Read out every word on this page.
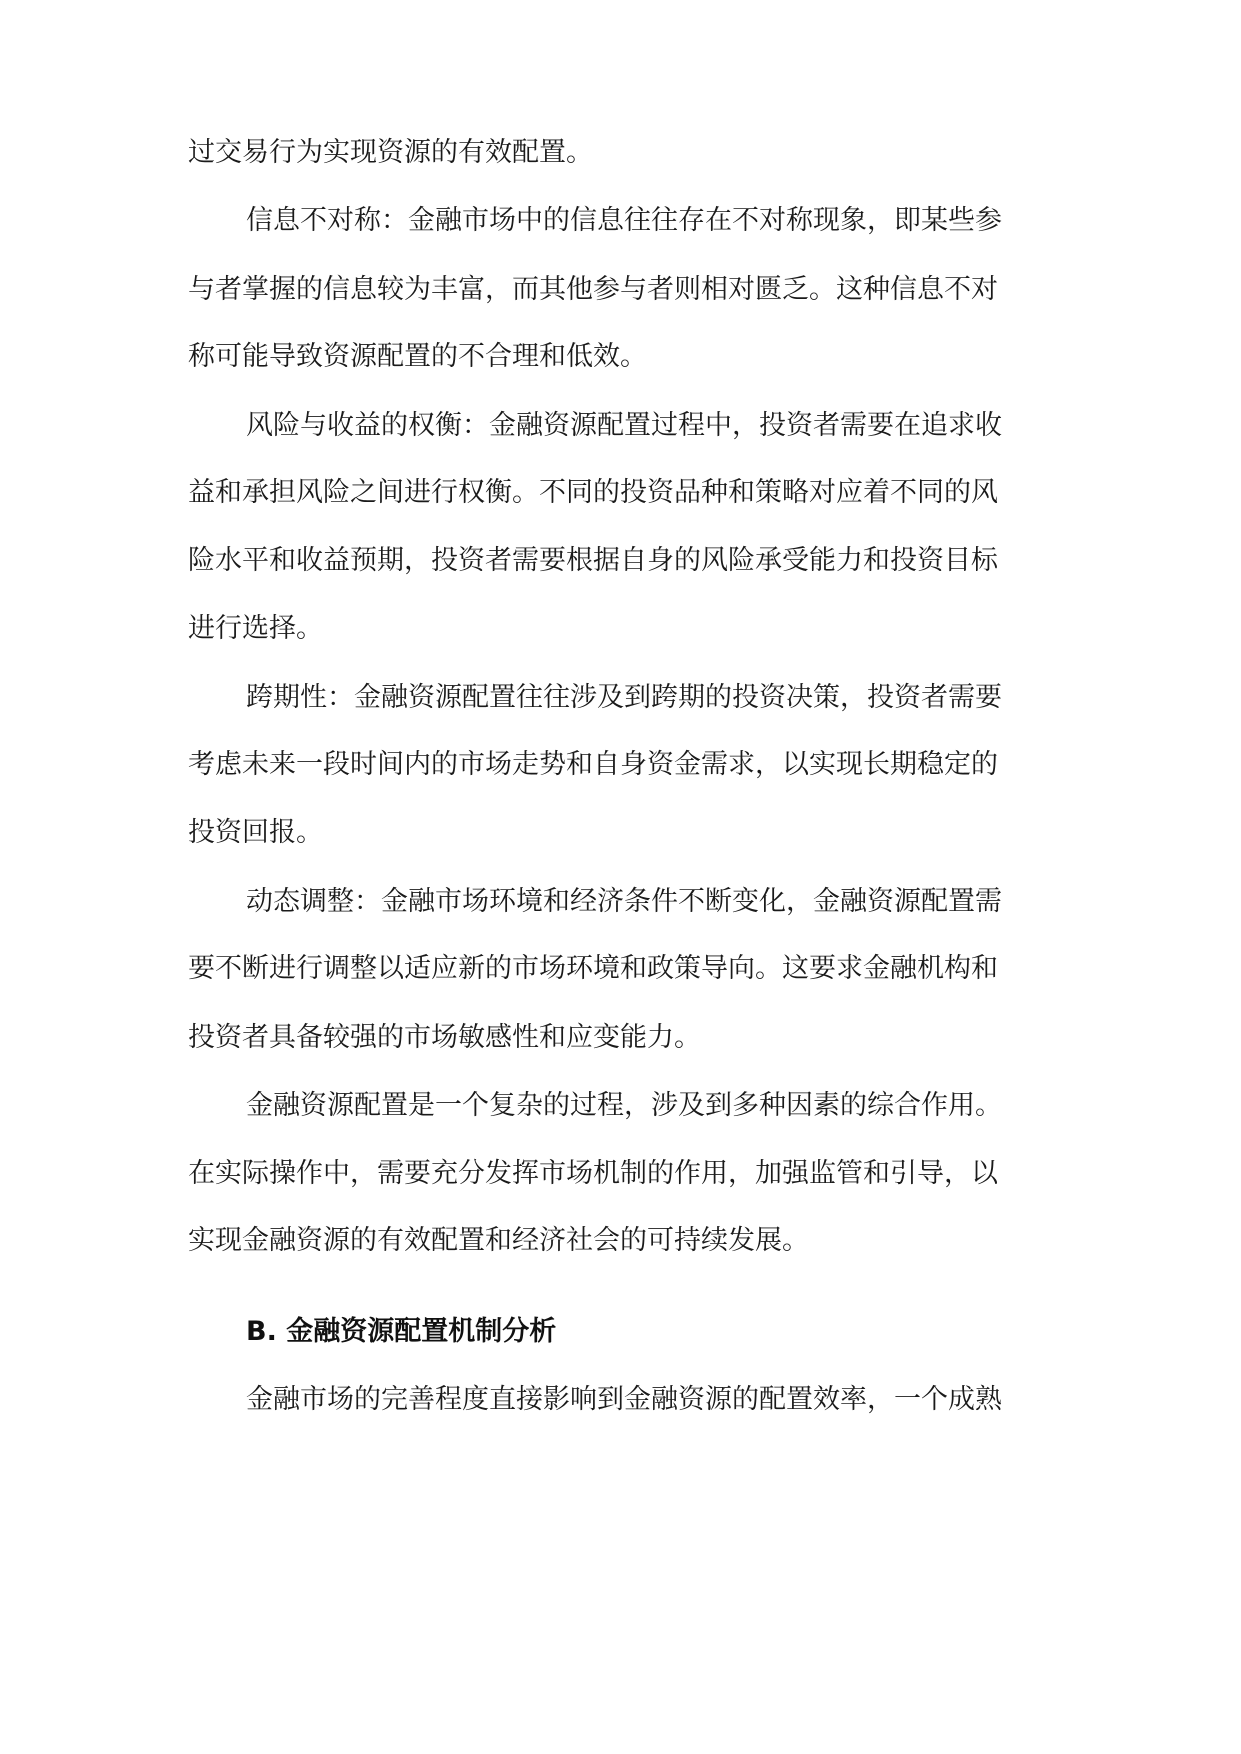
过交易行为实现资源的有效配置。
信息不对称：金融市场中的信息往往存在不对称现象，即某些参
与者掌握的信息较为丰富，而其他参与者则相对匮乏。这种信息不对
称可能导致资源配置的不合理和低效。
风险与收益的权衡：金融资源配置过程中，投资者需要在追求收
益和承担风险之间进行权衡。不同的投资品种和策略对应着不同的风
险水平和收益预期，投资者需要根据自身的风险承受能力和投资目标
进行选择。
跨期性：金融资源配置往往涉及到跨期的投资决策，投资者需要
考虑未来一段时间内的市场走势和自身资金需求，以实现长期稳定的
投资回报。
动态调整：金融市场环境和经济条件不断变化，金融资源配置需
要不断进行调整以适应新的市场环境和政策导向。这要求金融机构和
投资者具备较强的市场敏感性和应变能力。
金融资源配置是一个复杂的过程，涉及到多种因素的综合作用。
在实际操作中，需要充分发挥市场机制的作用，加强监管和引导，以
实现金融资源的有效配置和经济社会的可持续发展。
B. 金融资源配置机制分析
金融市场的完善程度直接影响到金融资源的配置效率，一个成熟
